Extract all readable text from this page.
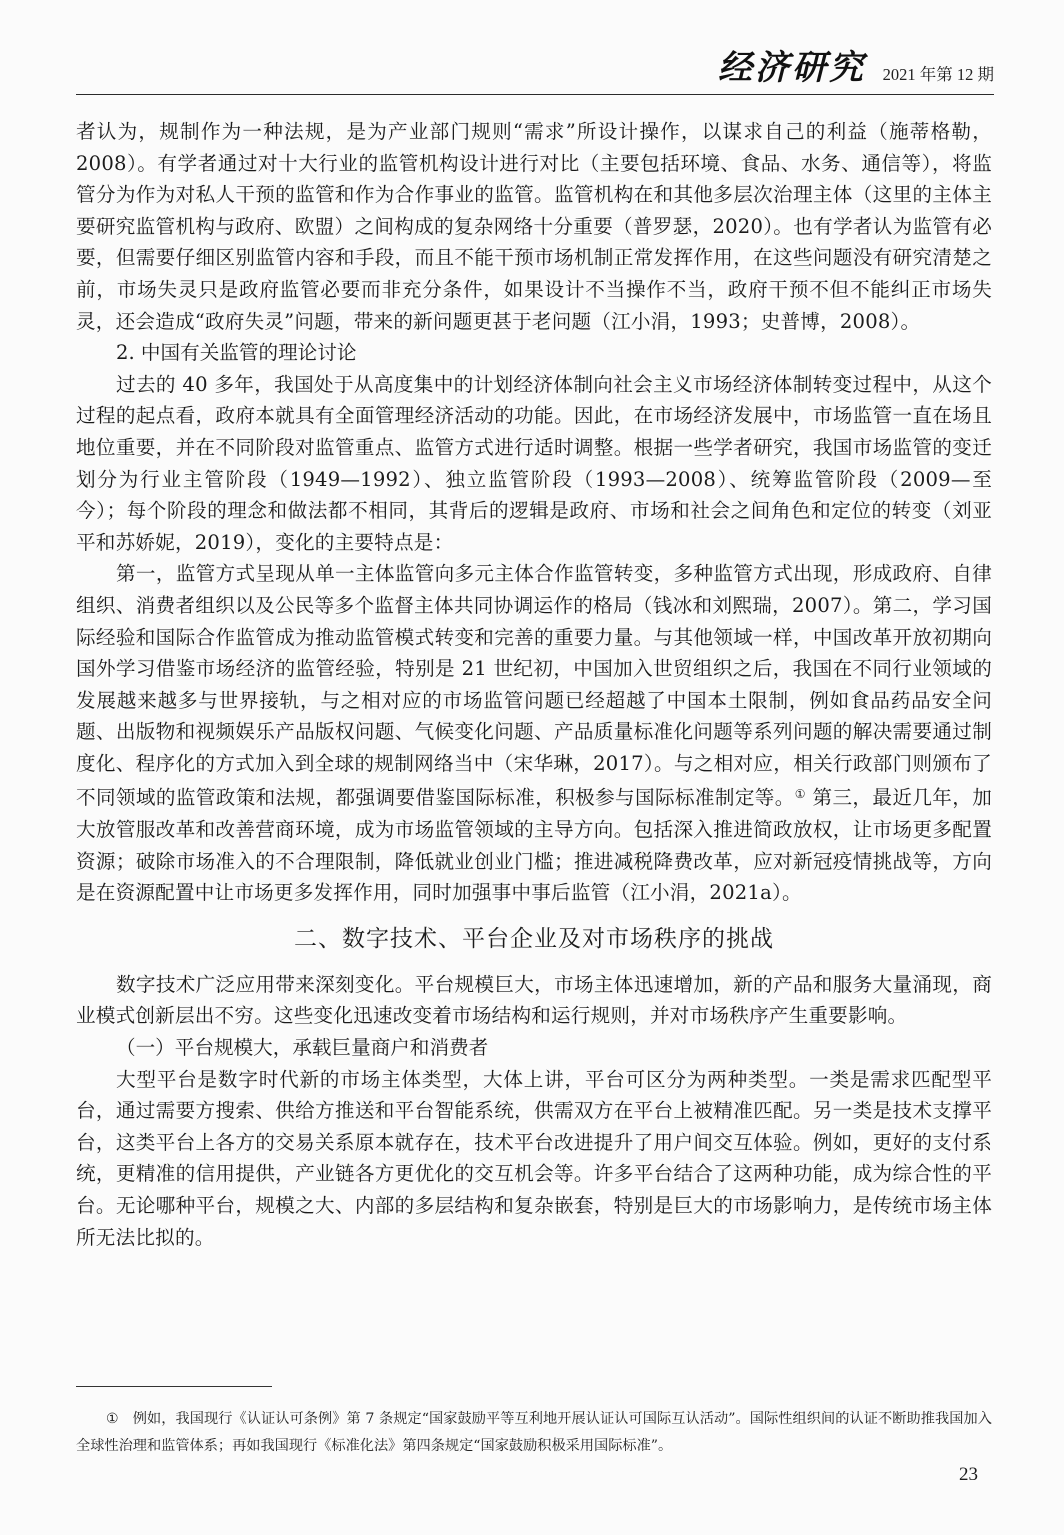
经济研究 2021 年第 12 期

者认为，规制作为一种法规，是为产业部门规则“需求”所设计操作，以谋求自己的利益（施蒂格勒，2008）。有学者通过对十大行业的监管机构设计进行对比（主要包括环境、食品、水务、通信等），将监管分为作为对私人干预的监管和作为合作事业的监管。监管机构在和其他多层次治理主体（这里的主体主要研究监管机构与政府、欧盟）之间构成的复杂网络十分重要（普罗瑟，2020）。也有学者认为监管有必要，但需要仔细区别监管内容和手段，而且不能干预市场机制正常发挥作用，在这些问题没有研究清楚之前，市场失灵只是政府监管必要而非充分条件，如果设计不当操作不当，政府干预不但不能纠正市场失灵，还会造成“政府失灵”问题，带来的新问题更甚于老问题（江小涓，1993；史普博，2008）。

2. 中国有关监管的理论讨论

过去的 40 多年，我国处于从高度集中的计划经济体制向社会主义市场经济体制转变过程中，从这个过程的起点看，政府本就具有全面管理经济活动的功能。因此，在市场经济发展中，市场监管一直在场且地位重要，并在不同阶段对监管重点、监管方式进行适时调整。根据一些学者研究，我国市场监管的变迁划分为行业主管阶段（1949—1992）、独立监管阶段（1993—2008）、统筹监管阶段（2009—至今）；每个阶段的理念和做法都不相同，其背后的逻辑是政府、市场和社会之间角色和定位的转变（刘亚平和苏娇妮，2019），变化的主要特点是：

第一，监管方式呈现从单一主体监管向多元主体合作监管转变，多种监管方式出现，形成政府、自律组织、消费者组织以及公民等多个监督主体共同协调运作的格局（钱冰和刘熙瑞，2007）。第二，学习国际经验和国际合作监管成为推动监管模式转变和完善的重要力量。与其他领域一样，中国改革开放初期向国外学习借鉴市场经济的监管经验，特别是 21 世纪初，中国加入世贸组织之后，我国在不同行业领域的发展越来越多与世界接轨，与之相对应的市场监管问题已经超越了中国本土限制，例如食品药品安全问题、出版物和视频娱乐产品版权问题、气候变化问题、产品质量标准化问题等系列问题的解决需要通过制度化、程序化的方式加入到全球的规制网络当中（宋华琳，2017）。与之相对应，相关行政部门则颁布了不同领域的监管政策和法规，都强调要借鉴国际标准，积极参与国际标准制定等。① 第三，最近几年，加大放管服改革和改善营商环境，成为市场监管领域的主导方向。包括深入推进简政放权，让市场更多配置资源；破除市场准入的不合理限制，降低就业创业门槛；推进减税降费改革，应对新冠疫情挑战等，方向是在资源配置中让市场更多发挥作用，同时加强事中事后监管（江小涓，2021a）。

二、数字技术、平台企业及对市场秩序的挑战

数字技术广泛应用带来深刻变化。平台规模巨大，市场主体迅速增加，新的产品和服务大量涌现，商业模式创新层出不穷。这些变化迅速改变着市场结构和运行规则，并对市场秩序产生重要影响。

（一）平台规模大，承载巨量商户和消费者

大型平台是数字时代新的市场主体类型，大体上讲，平台可区分为两种类型。一类是需求匹配型平台，通过需要方搜索、供给方推送和平台智能系统，供需双方在平台上被精准匹配。另一类是技术支撑平台，这类平台上各方的交易关系原本就存在，技术平台改进提升了用户间交互体验。例如，更好的支付系统，更精准的信用提供，产业链各方更优化的交互机会等。许多平台结合了这两种功能，成为综合性的平台。无论哪种平台，规模之大、内部的多层结构和复杂嵌套，特别是巨大的市场影响力，是传统市场主体所无法比拟的。

① 例如，我国现行《认证认可条例》第 7 条规定“国家鼓励平等互利地开展认证认可国际互认活动”。国际性组织间的认证不断助推我国加入全球性治理和监管体系；再如我国现行《标准化法》第四条规定“国家鼓励积极采用国际标准”。

23
